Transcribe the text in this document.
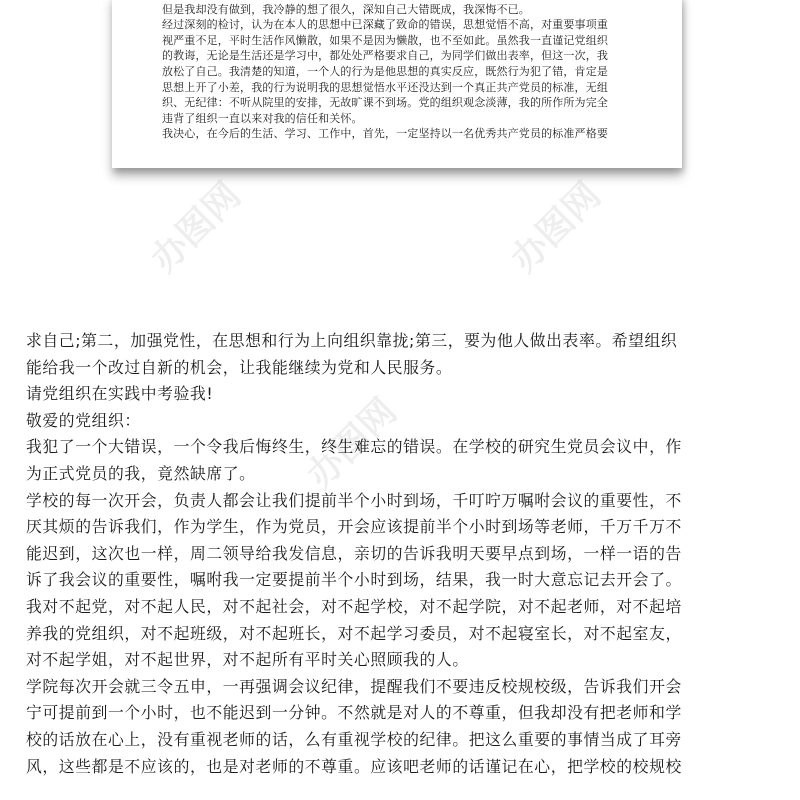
但是我却没有做到，我冷静的想了很久，深知自己大错既成，我深悔不已。
经过深刻的检讨，认为在本人的思想中已深藏了致命的错误，思想觉悟不高，对重要事项重
视严重不足，平时生活作风懒散，如果不是因为懒散，也不至如此。虽然我一直谨记党组织
的教诲，无论是生活还是学习中，都处处严格要求自己，为同学们做出表率，但这一次，我
放松了自己。我清楚的知道，一个人的行为是他思想的真实反应，既然行为犯了错，肯定是
思想上开了小差，我的行为说明我的思想觉悟水平还没达到一个真正共产党员的标准，无组
织、无纪律：不听从院里的安排，无故旷课不到场。党的组织观念淡薄，我的所作所为完全
违背了组织一直以来对我的信任和关怀。
我决心，在今后的生活、学习、工作中，首先，一定坚持以一名优秀共产党员的标准严格要
办图网	办图网
办图网
求自己;第二，加强党性，在思想和行为上向组织靠拢;第三，要为他人做出表率。希望组织
能给我一个改过自新的机会，让我能继续为党和人民服务。
请党组织在实践中考验我!
敬爱的党组织：
我犯了一个大错误，一个令我后悔终生，终生难忘的错误。在学校的研究生党员会议中，作
为正式党员的我，竟然缺席了。
学校的每一次开会，负责人都会让我们提前半个小时到场，千叮咛万嘱咐会议的重要性，不
厌其烦的告诉我们，作为学生，作为党员，开会应该提前半个小时到场等老师，千万千万不
能迟到，这次也一样，周二领导给我发信息，亲切的告诉我明天要早点到场，一样一语的告
诉了我会议的重要性，嘱咐我一定要提前半个小时到场，结果，我一时大意忘记去开会了。
我对不起党，对不起人民，对不起社会，对不起学校，对不起学院，对不起老师，对不起培
养我的党组织，对不起班级，对不起班长，对不起学习委员，对不起寝室长，对不起室友，
对不起学姐，对不起世界，对不起所有平时关心照顾我的人。
学院每次开会就三令五申，一再强调会议纪律，提醒我们不要违反校规校级，告诉我们开会
宁可提前到一个小时，也不能迟到一分钟。不然就是对人的不尊重，但我却没有把老师和学
校的话放在心上，没有重视老师的话，么有重视学校的纪律。把这么重要的事情当成了耳旁
风，这些都是不应该的，也是对老师的不尊重。应该吧老师的话谨记在心，把学校的校规校
